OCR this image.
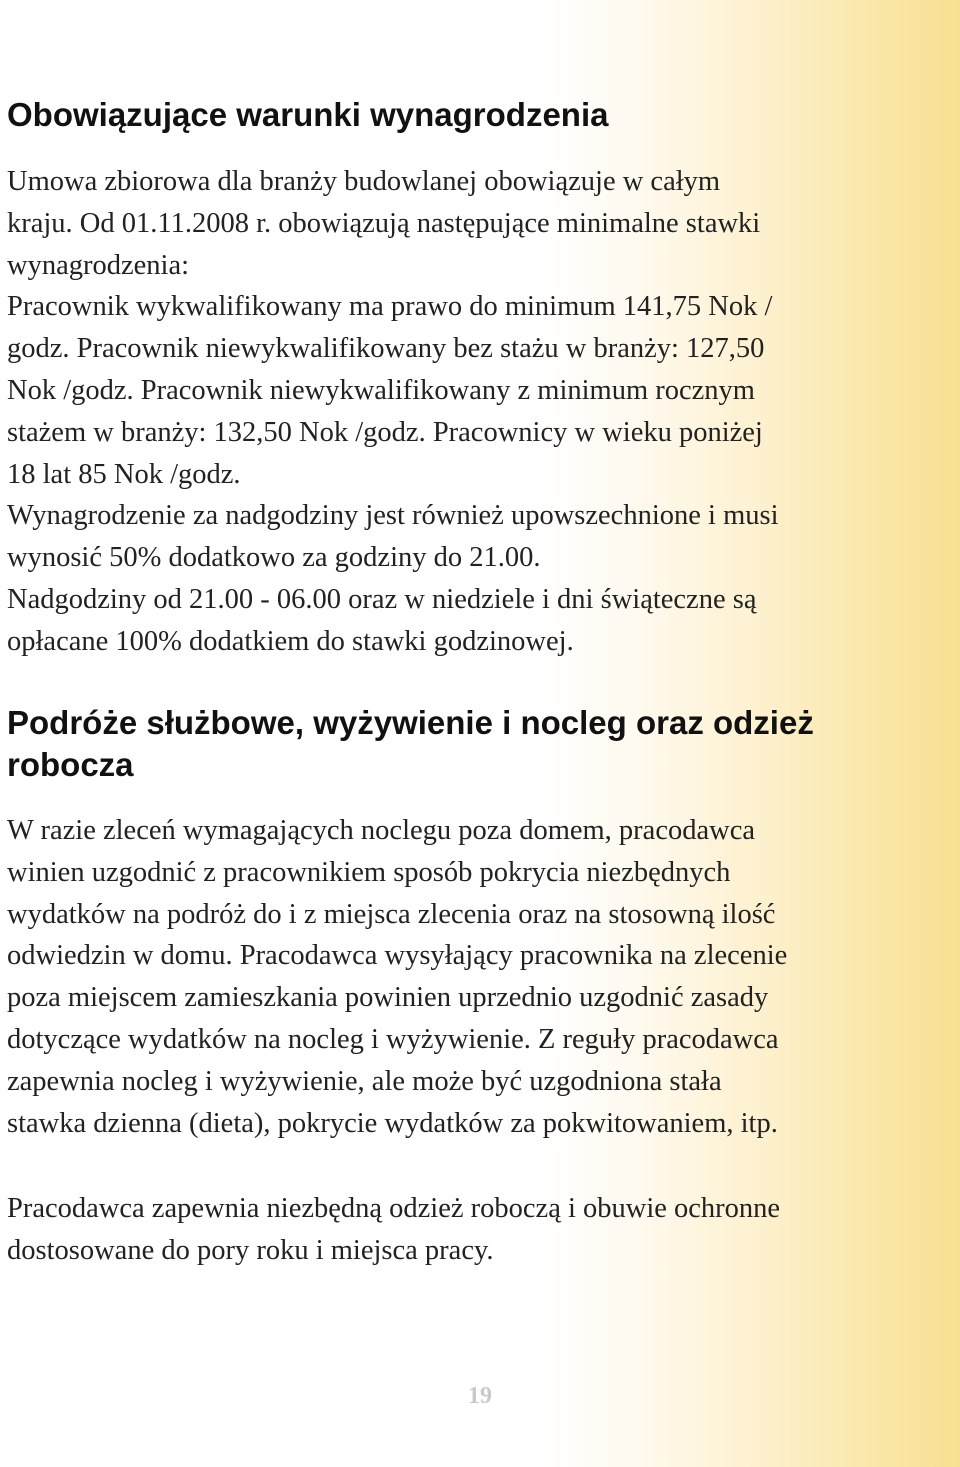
Obowiązujące warunki wynagrodzenia
Umowa zbiorowa dla branży budowlanej obowiązuje w całym
kraju. Od 01.11.2008 r. obowiązują następujące minimalne stawki
wynagrodzenia:
Pracownik wykwalifikowany ma prawo do minimum 141,75 Nok /
godz. Pracownik niewykwalifikowany bez stażu w branży: 127,50
Nok /godz. Pracownik niewykwalifikowany z minimum rocznym
stażem w branży: 132,50 Nok /godz. Pracownicy w wieku poniżej
18 lat 85 Nok /godz.
Wynagrodzenie za nadgodziny jest również upowszechnione i musi
wynosić 50% dodatkowo za godziny do 21.00.
Nadgodziny od 21.00 - 06.00 oraz w niedziele i dni świąteczne są
opłacane 100% dodatkiem do stawki godzinowej.
Podróże służbowe, wyżywienie i nocleg oraz odzież
robocza
W razie zleceń wymagających noclegu poza domem, pracodawca
winien uzgodnić z pracownikiem sposób pokrycia niezbędnych
wydatków na podróż do i z miejsca zlecenia oraz na stosowną ilość
odwiedzin w domu. Pracodawca wysyłający pracownika na zlecenie
poza miejscem zamieszkania powinien uprzednio uzgodnić zasady
dotyczące wydatków na nocleg i wyżywienie. Z reguły pracodawca
zapewnia nocleg i wyżywienie, ale może być uzgodniona stała
stawka dzienna (dieta), pokrycie wydatków za pokwitowaniem, itp.
Pracodawca zapewnia niezbędną odzież roboczą i obuwie ochronne
dostosowane do pory roku i miejsca pracy.
19
